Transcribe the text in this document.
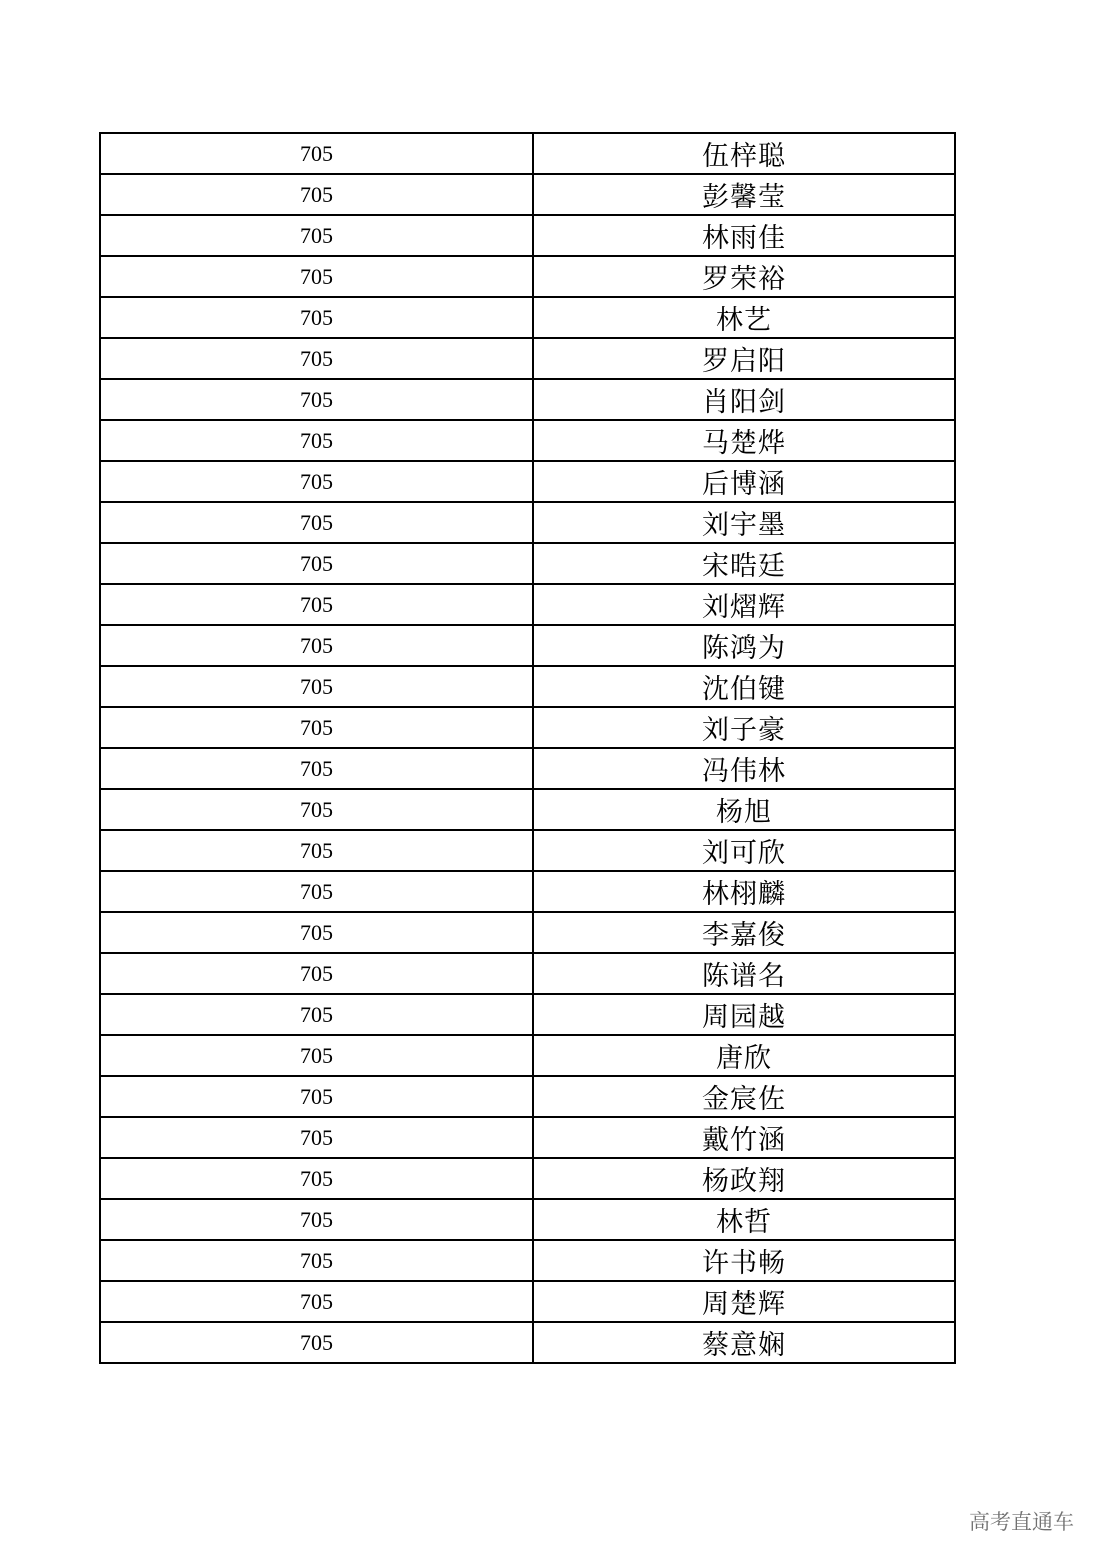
705	伍梓聪
705	彭馨莹
705	林雨佳
705	罗荣裕
705	林艺
705	罗启阳
705	肖阳剑
705	马楚烨
705	后博涵
705	刘宇墨
705	宋晧廷
705	刘熠辉
705	陈鸿为
705	沈伯键
705	刘子豪
705	冯伟林
705	杨旭
705	刘可欣
705	林栩麟
705	李嘉俊
705	陈谱名
705	周园越
705	唐欣
705	金宸佐
705	戴竹涵
705	杨政翔
705	林哲
705	许书畅
705	周楚辉
705	蔡意娴
高考直通车
